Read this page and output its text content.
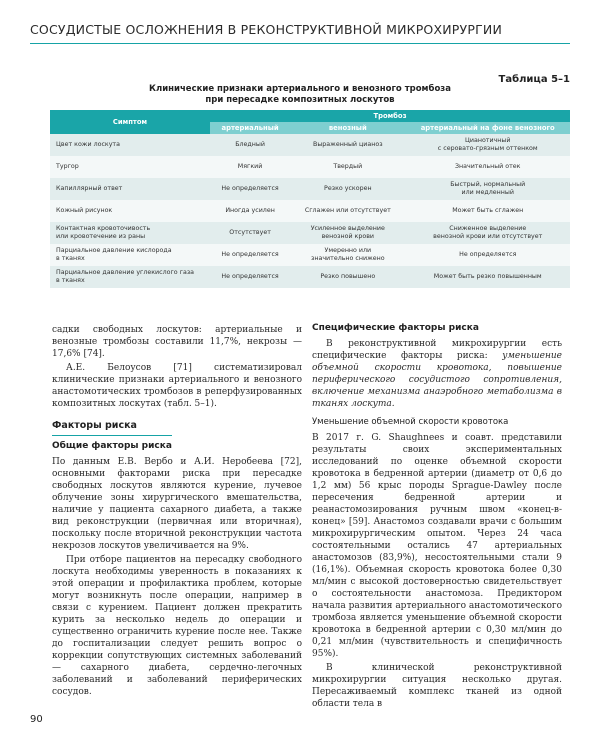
СОСУДИСТЫЕ ОСЛОЖНЕНИЯ В РЕКОНСТРУКТИВНОЙ МИКРОХИРУРГИИ
Таблица 5–1
Клинические признаки артериального и венозного тромбоза
при пересадке композитных лоскутов
Симптом	Тромбоз		
	артериальный	венозный	артериальный на фоне венозного
Цвет кожи лоскута	Бледный	Выраженный цианоз	Цианотичный
с серовато-грязным оттенком
Тургор	Мягкий	Твердый	Значительный отек
Капиллярный ответ	Не определяется	Резко ускорен	Быстрый, нормальный
или медленный
Кожный рисунок	Иногда усилен	Сглажен или отсутствует	Может быть сглажен
Контактная кровоточивость
или кровотечение из раны	Отсутствует	Усиленное выделение
венозной крови	Сниженное выделение
венозной крови или отсутствует
Парциальное давление кислорода
в тканях	Не определяется	Умеренно или
значительно снижено	Не определяется
Парциальное давление углекислого газа
в тканях	Не определяется	Резко повышено	Может быть резко повышенным

садки свободных лоскутов: артериальные и венозные тромбозы составили 11,7%, некрозы — 17,6% [74].

А.Е. Белоусов [71] систематизировал клинические признаки артериального и венозного анастомотических тромбозов в реперфузированных композитных лоскутах (табл. 5–1).

Факторы риска
Общие факторы риска

По данным Е.В. Вербо и А.И. Неробеева [72], основными факторами риска при пересадке свободных лоскутов являются курение, лучевое облучение зоны хирургического вмешательства, наличие у пациента сахарного диабета, а также вид реконструкции (первичная или вторичная), поскольку после вторичной реконструкции частота некрозов лоскутов увеличивается на 9%.

При отборе пациентов на пересадку свободного лоскута необходимы уверенность в показаниях к этой операции и профилактика проблем, которые могут возникнуть после операции, например в связи с курением. Пациент должен прекратить курить за несколько недель до операции и существенно ограничить курение после нее. Также до госпитализации следует решить вопрос о коррекции сопутствующих системных заболеваний — сахарного диабета, сердечно-легочных заболеваний и заболеваний периферических сосудов.

Специфические факторы риска

В реконструктивной микрохирургии есть специфические факторы риска: уменьшение объемной скорости кровотока, повышение периферического сосудистого сопротивления, включение механизма анаэробного метаболизма в тканях лоскута.

Уменьшение объемной скорости кровотока

В 2017 г. G. Shaughnees и соавт. представили результаты своих экспериментальных исследований по оценке объемной скорости кровотока в бедренной артерии (диаметр от 0,6 до 1,2 мм) 56 крыс породы Sprague-Dawley после пересечения бедренной артерии и реанастомозирования ручным швом «конец-в-конец» [59]. Анастомоз создавали врачи с большим микрохирургическим опытом. Через 24 часа состоятельными остались 47 артериальных анастомозов (83,9%), несостоятельными стали 9 (16,1%). Объемная скорость кровотока более 0,30 мл/мин с высокой достоверностью свидетельствует о состоятельности анастомоза. Предиктором начала развития артериального анастомотического тромбоза является уменьшение объемной скорости кровотока в бедренной артерии с 0,30 мл/мин до 0,21 мл/мин (чувствительность и специфичность 95%).

В клинической реконструктивной микрохирургии ситуация несколько другая. Пересаживаемый комплекс тканей из одной области тела в

90
